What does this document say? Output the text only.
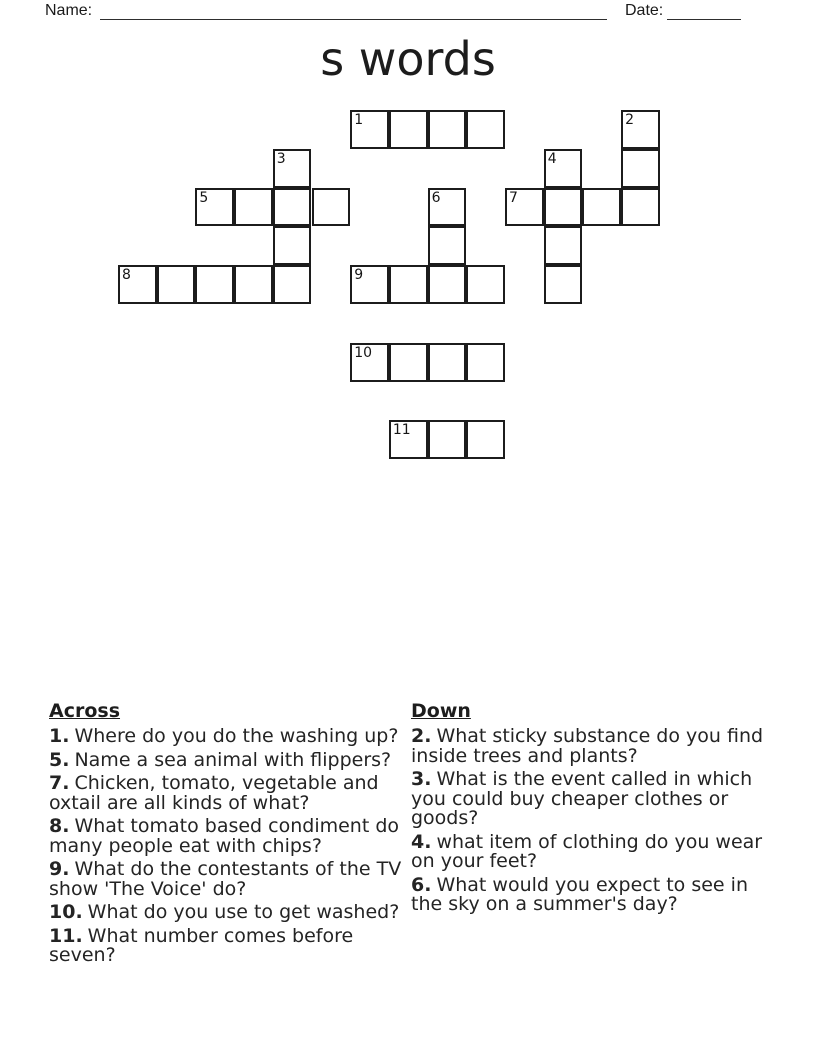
Name:	Date:
s words
1	2
3	4
5	6	7
8	9
10
11
Across

1. Where do you do the washing up?

5. Name a sea animal with flippers?

7. Chicken, tomato, vegetable and oxtail are all kinds of what?

8. What tomato based condiment do many people eat with chips?

9. What do the contestants of the TV show 'The Voice' do?

10. What do you use to get washed?

11. What number comes before seven?

Down

2. What sticky substance do you find inside trees and plants?

3. What is the event called in which you could buy cheaper clothes or goods?

4. what item of clothing do you wear on your feet?

6. What would you expect to see in the sky on a summer's day?
